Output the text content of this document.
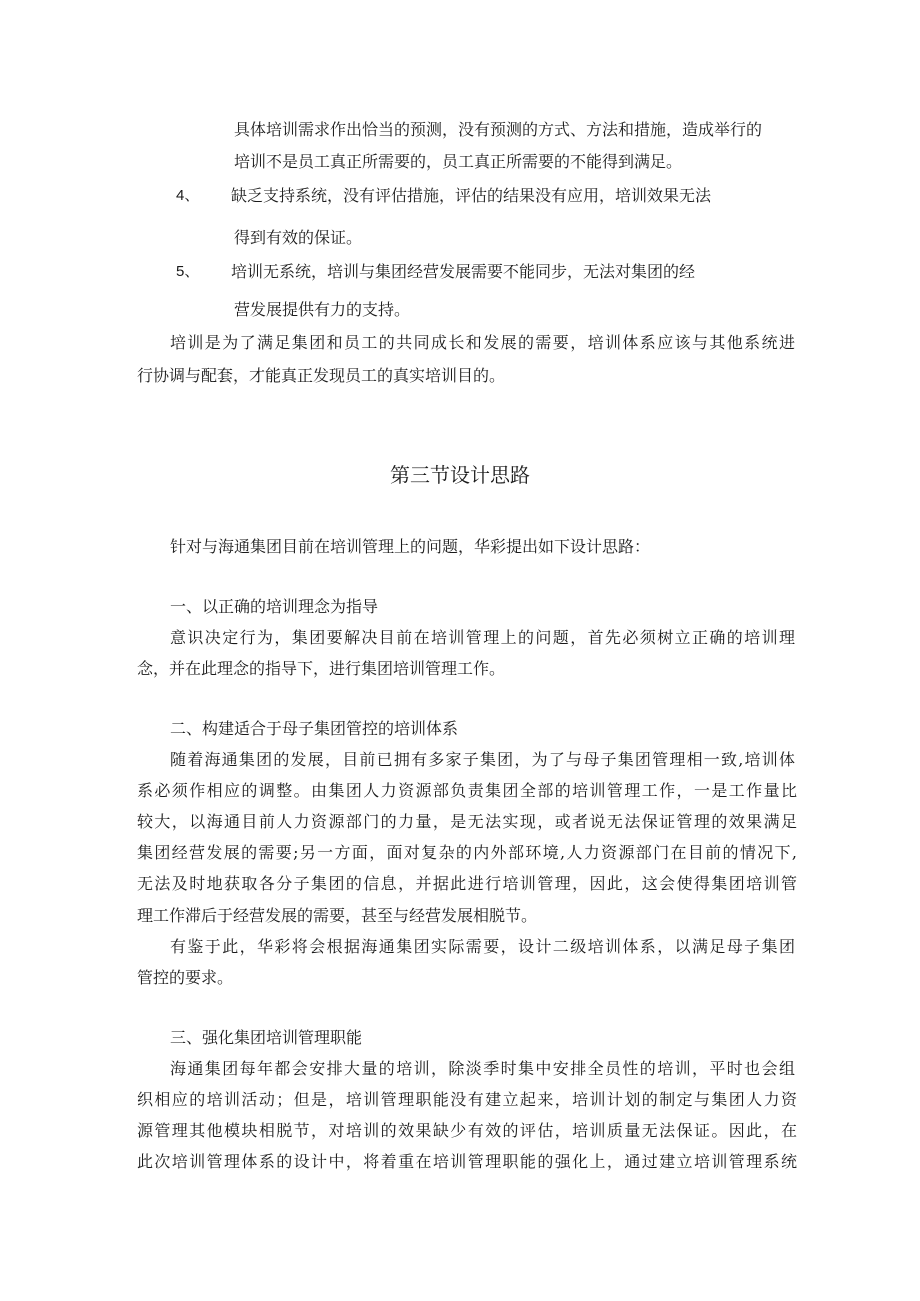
具体培训需求作出恰当的预测，没有预测的方式、方法和措施，造成举行的
培训不是员工真正所需要的，员工真正所需要的不能得到满足。
4、 缺乏支持系统，没有评估措施，评估的结果没有应用，培训效果无法
得到有效的保证。
5、 培训无系统，培训与集团经营发展需要不能同步，无法对集团的经
营发展提供有力的支持。
培训是为了满足集团和员工的共同成长和发展的需要，培训体系应该与其他系统进
行协调与配套，才能真正发现员工的真实培训目的。
第三节设计思路
针对与海通集团目前在培训管理上的问题，华彩提出如下设计思路：
一、以正确的培训理念为指导
意识决定行为，集团要解决目前在培训管理上的问题，首先必须树立正确的培训理
念，并在此理念的指导下，进行集团培训管理工作。
二、构建适合于母子集团管控的培训体系
随着海通集团的发展，目前已拥有多家子集团，为了与母子集团管理相一致,培训体
系必须作相应的调整。由集团人力资源部负责集团全部的培训管理工作，一是工作量比
较大，以海通目前人力资源部门的力量，是无法实现，或者说无法保证管理的效果满足
集团经营发展的需要;另一方面，面对复杂的内外部环境,人力资源部门在目前的情况下,
无法及时地获取各分子集团的信息，并据此进行培训管理，因此，这会使得集团培训管
理工作滞后于经营发展的需要，甚至与经营发展相脱节。
有鉴于此，华彩将会根据海通集团实际需要，设计二级培训体系，以满足母子集团
管控的要求。
三、强化集团培训管理职能
海通集团每年都会安排大量的培训，除淡季时集中安排全员性的培训，平时也会组
织相应的培训活动；但是，培训管理职能没有建立起来，培训计划的制定与集团人力资
源管理其他模块相脱节，对培训的效果缺少有效的评估，培训质量无法保证。因此，在
此次培训管理体系的设计中，将着重在培训管理职能的强化上，通过建立培训管理系统
